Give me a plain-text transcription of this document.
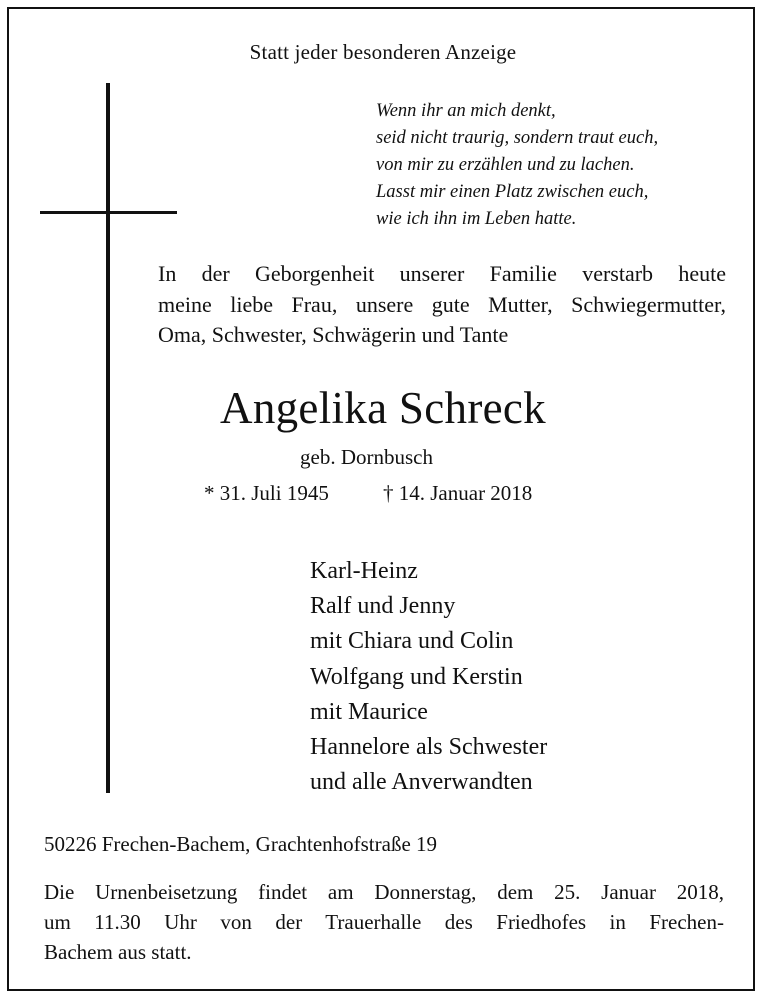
Statt jeder besonderen Anzeige
Wenn ihr an mich denkt,
seid nicht traurig, sondern traut euch,
von mir zu erzählen und zu lachen.
Lasst mir einen Platz zwischen euch,
wie ich ihn im Leben hatte.
In der Geborgenheit unserer Familie verstarb heute
meine liebe Frau, unsere gute Mutter, Schwiegermutter,
Oma, Schwester, Schwägerin und Tante
Angelika Schreck
geb. Dornbusch
* 31. Juli 1945	† 14. Januar 2018
Karl-Heinz
Ralf und Jenny
mit Chiara und Colin
Wolfgang und Kerstin
mit Maurice
Hannelore als Schwester
und alle Anverwandten
50226 Frechen-Bachem, Grachtenhofstraße 19
Die Urnenbeisetzung findet am Donnerstag, dem 25. Januar 2018,
um 11.30 Uhr von der Trauerhalle des Friedhofes in Frechen-
Bachem aus statt.
